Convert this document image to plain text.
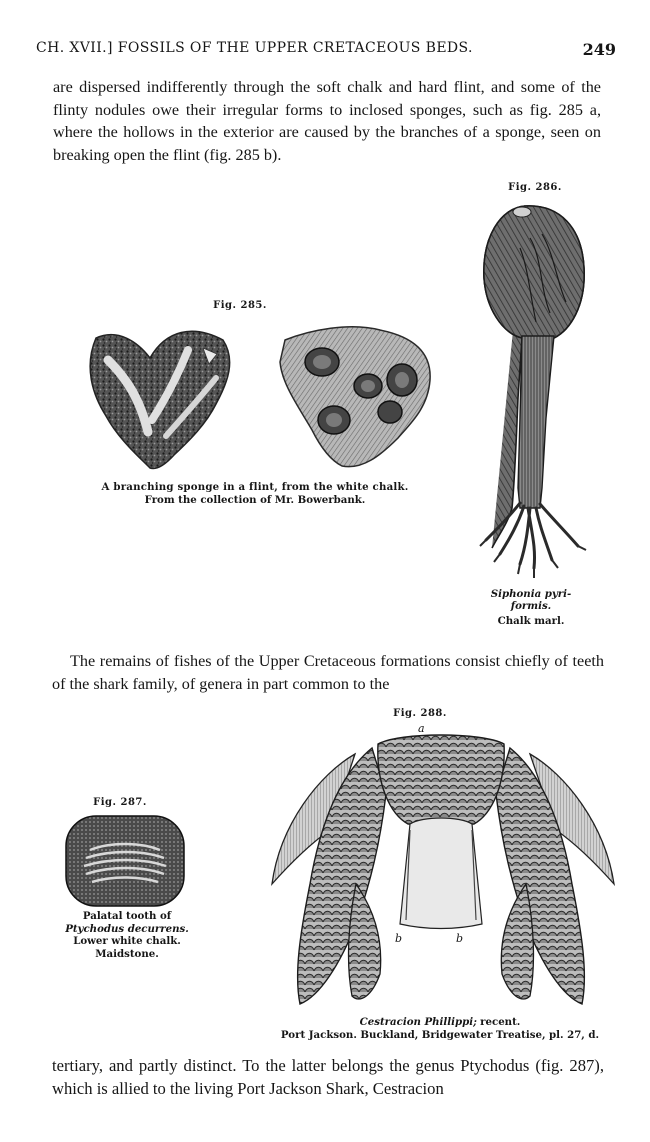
CH. XVII.] FOSSILS OF THE UPPER CRETACEOUS BEDS.	249

are dispersed indifferently through the soft chalk and hard flint, and some of the flinty nodules owe their irregular forms to inclosed sponges, such as fig. 285 a, where the hollows in the exterior are caused by the branches of a sponge, seen on breaking open the flint (fig. 285 b).

Fig. 285.
A branching sponge in a flint, from the white chalk.
From the collection of Mr. Bowerbank.
Fig. 286.
Siphonia pyri-formis.
Chalk marl.

The remains of fishes of the Upper Cretaceous formations consist chiefly of teeth of the shark family, of genera in part common to the

Fig. 287.
Palatal tooth of
Ptychodus decurrens.
Lower white chalk.
Maidstone.
Fig. 288.
a
b	b
Cestracion Phillippi; recent.
Port Jackson. Buckland, Bridgewater Treatise, pl. 27, d.

tertiary, and partly distinct. To the latter belongs the genus Ptychodus (fig. 287), which is allied to the living Port Jackson Shark, Cestracion
